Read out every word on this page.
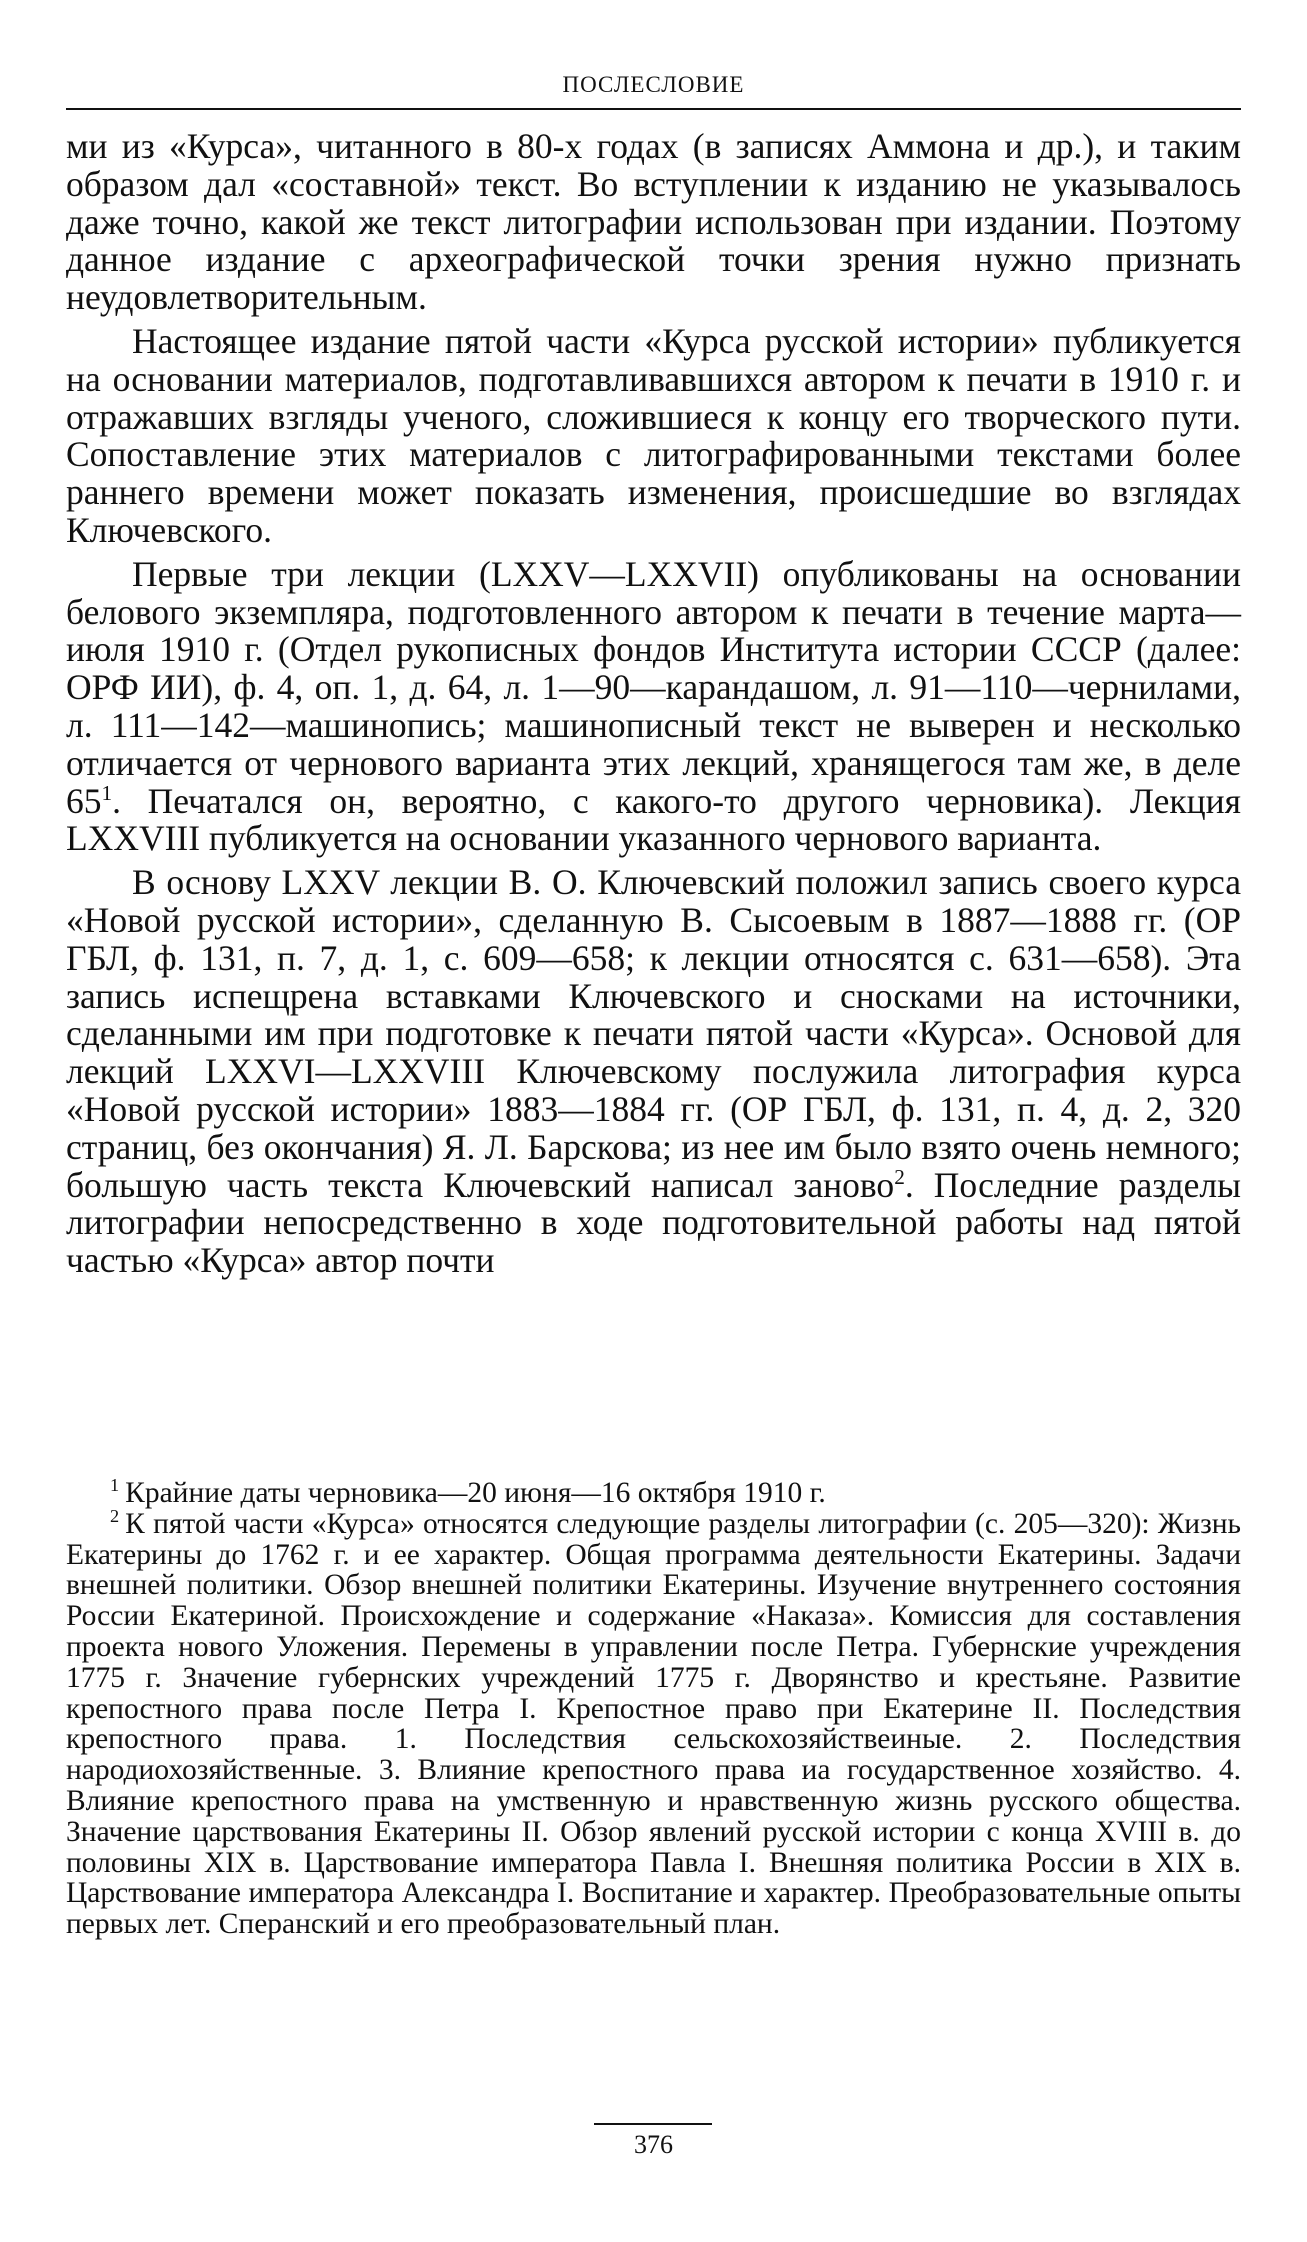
ПОСЛЕСЛОВИЕ

ми из «Курса», читанного в 80-х годах (в записях Аммона и др.), и таким образом дал «составной» текст. Во вступлении к изданию не указывалось даже точно, какой же текст литографии использован при издании. Поэтому данное издание с археографической точки зрения нужно признать неудовлетворительным.

Настоящее издание пятой части «Курса русской истории» публикуется на основании материалов, подготавливавшихся автором к печати в 1910 г. и отражавших взгляды ученого, сложившиеся к концу его творческого пути. Сопоставление этих материалов с литографированными текстами более раннего времени может показать изменения, происшедшие во взглядах Ключевского.

Первые три лекции (LXXV—LXXVII) опубликованы на основании белового экземпляра, подготовленного автором к печати в течение марта—июля 1910 г. (Отдел рукописных фондов Института истории СССР (далее: ОРФ ИИ), ф. 4, оп. 1, д. 64, л. 1—90—карандашом, л. 91—110—чернилами, л. 111—142—машинопись; машинописный текст не выверен и несколько отличается от чернового варианта этих лекций, хранящегося там же, в деле 65$^1$. Печатался он, вероятно, с какого-то другого черновика). Лекция LXXVIII публикуется на основании указанного чернового варианта.

В основу LXXV лекции В. О. Ключевский положил запись своего курса «Новой русской истории», сделанную В. Сысоевым в 1887—1888 гг. (ОР ГБЛ, ф. 131, п. 7, д. 1, с. 609—658; к лекции относятся с. 631—658). Эта запись испещрена вставками Ключевского и сносками на источники, сделанными им при подготовке к печати пятой части «Курса». Основой для лекций LXXVI—LXXVIII Ключевскому послужила литография курса «Новой русской истории» 1883—1884 гг. (ОР ГБЛ, ф. 131, п. 4, д. 2, 320 страниц, без окончания) Я. Л. Барскова; из нее им было взято очень немного; большую часть текста Ключевский написал заново$^2$. Последние разделы литографии непосредственно в ходе подготовительной работы над пятой частью «Курса» автор почти

$^1$ Крайние даты черновика—20 июня—16 октября 1910 г.

$^2$ К пятой части «Курса» относятся следующие разделы литографии (с. 205—320): Жизнь Екатерины до 1762 г. и ее характер. Общая программа деятельности Екатерины. Задачи внешней политики. Обзор внешней политики Екатерины. Изучение внутреннего состояния России Екатериной. Происхождение и содержание «Наказа». Комиссия для составления проекта нового Уложения. Перемены в управлении после Петра. Губернские учреждения 1775 г. Значение губернских учреждений 1775 г. Дворянство и крестьяне. Развитие крепостного права после Петра I. Крепостное право при Екатерине II. Последствия крепостного права. 1. Последствия сельскохозяйствеиные. 2. Последствия народиохозяйственные. 3. Влияние крепостного права иа государственное хозяйство. 4. Влияние крепостного права на умственную и нравственную жизнь русского общества. Значение царствования Екатерины II. Обзор явлений русской истории с конца XVIII в. до половины XIX в. Царствование императора Павла I. Внешняя политика России в XIX в. Царствование императора Александра I. Воспитание и характер. Преобразовательные опыты первых лет. Сперанский и его преобразовательный план.

376
